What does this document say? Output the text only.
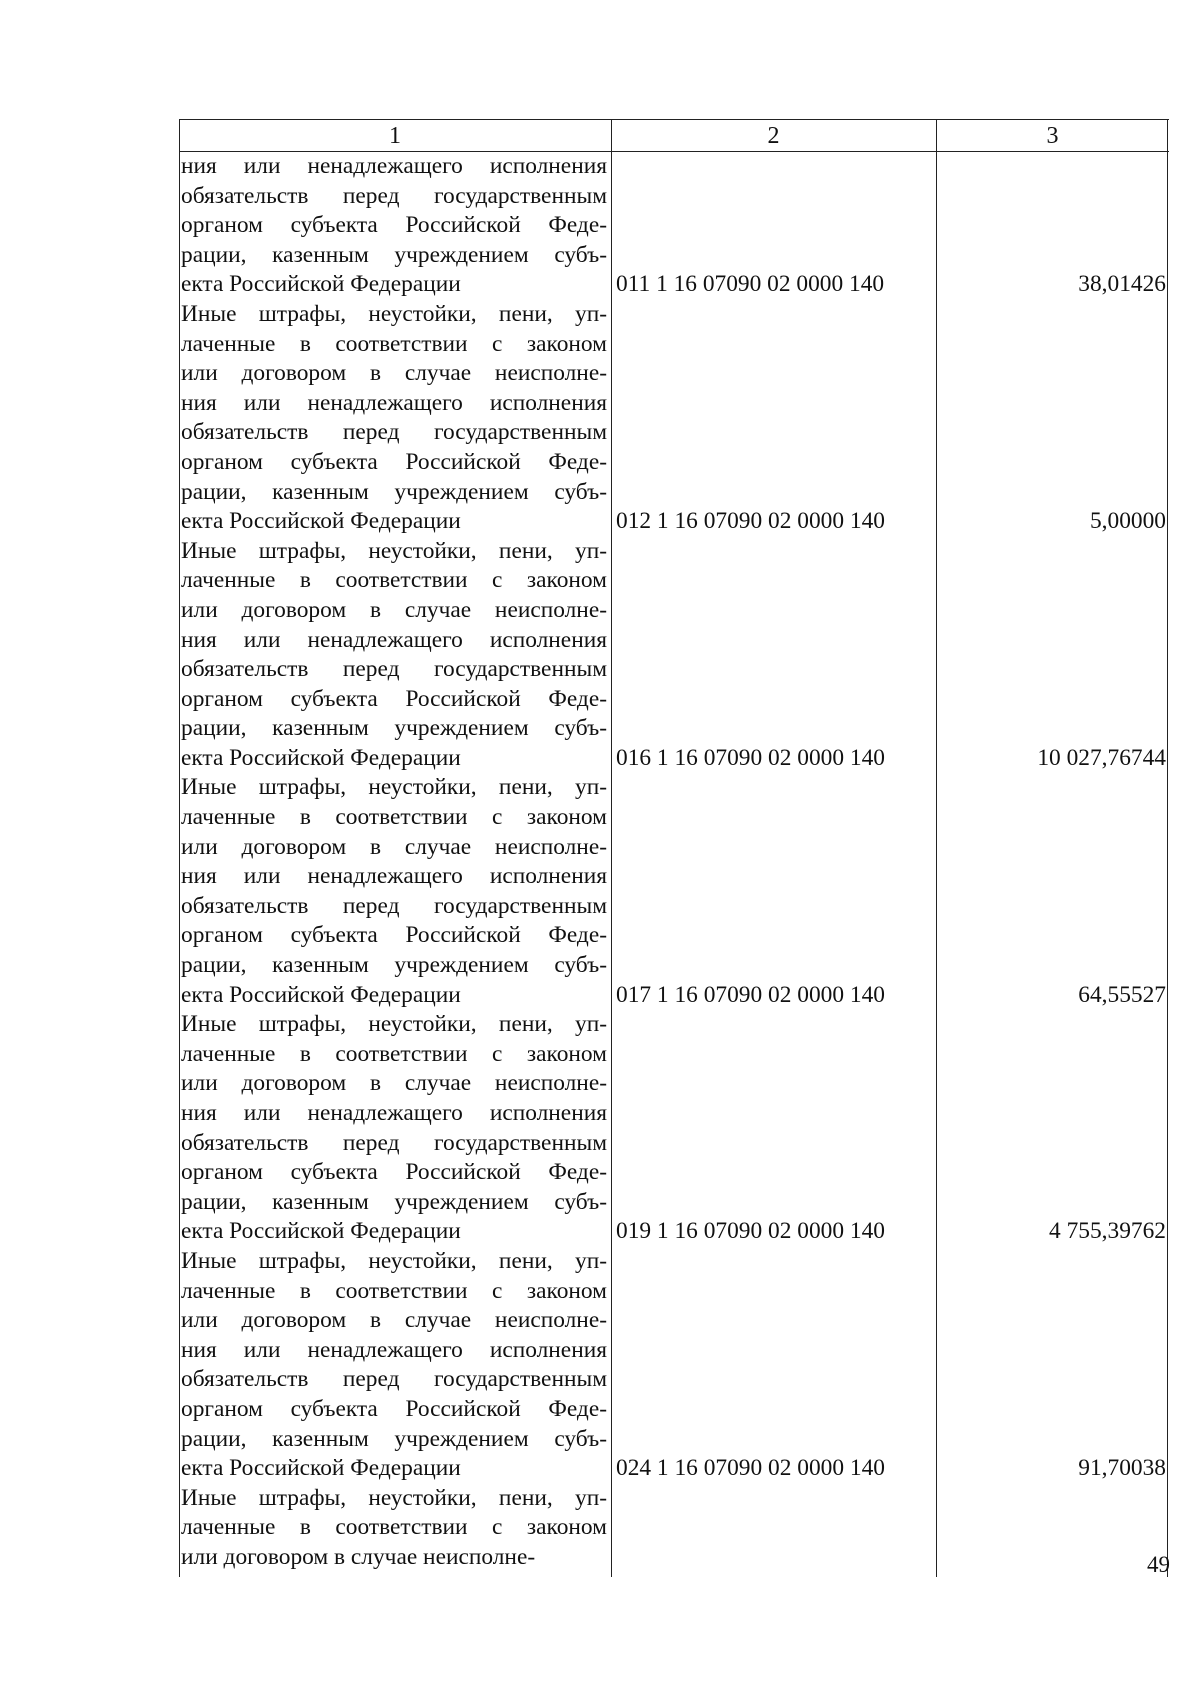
1	2	3
ния или ненадлежащего исполнения
обязательств перед государственным
органом субъекта Российской Феде-
рации, казенным учреждением субъ-
екта Российской Федерации	011 1 16 07090 02 0000 140	38,01426
Иные штрафы, неустойки, пени, уп-
лаченные в соответствии с законом
или договором в случае неисполне-
ния или ненадлежащего исполнения
обязательств перед государственным
органом субъекта Российской Феде-
рации, казенным учреждением субъ-
екта Российской Федерации	012 1 16 07090 02 0000 140	5,00000
Иные штрафы, неустойки, пени, уп-
лаченные в соответствии с законом
или договором в случае неисполне-
ния или ненадлежащего исполнения
обязательств перед государственным
органом субъекта Российской Феде-
рации, казенным учреждением субъ-
екта Российской Федерации	016 1 16 07090 02 0000 140	10 027,76744
Иные штрафы, неустойки, пени, уп-
лаченные в соответствии с законом
или договором в случае неисполне-
ния или ненадлежащего исполнения
обязательств перед государственным
органом субъекта Российской Феде-
рации, казенным учреждением субъ-
екта Российской Федерации	017 1 16 07090 02 0000 140	64,55527
Иные штрафы, неустойки, пени, уп-
лаченные в соответствии с законом
или договором в случае неисполне-
ния или ненадлежащего исполнения
обязательств перед государственным
органом субъекта Российской Феде-
рации, казенным учреждением субъ-
екта Российской Федерации	019 1 16 07090 02 0000 140	4 755,39762
Иные штрафы, неустойки, пени, уп-
лаченные в соответствии с законом
или договором в случае неисполне-
ния или ненадлежащего исполнения
обязательств перед государственным
органом субъекта Российской Феде-
рации, казенным учреждением субъ-
екта Российской Федерации	024 1 16 07090 02 0000 140	91,70038
Иные штрафы, неустойки, пени, уп-
лаченные в соответствии с законом
или договором в случае неисполне-	49
